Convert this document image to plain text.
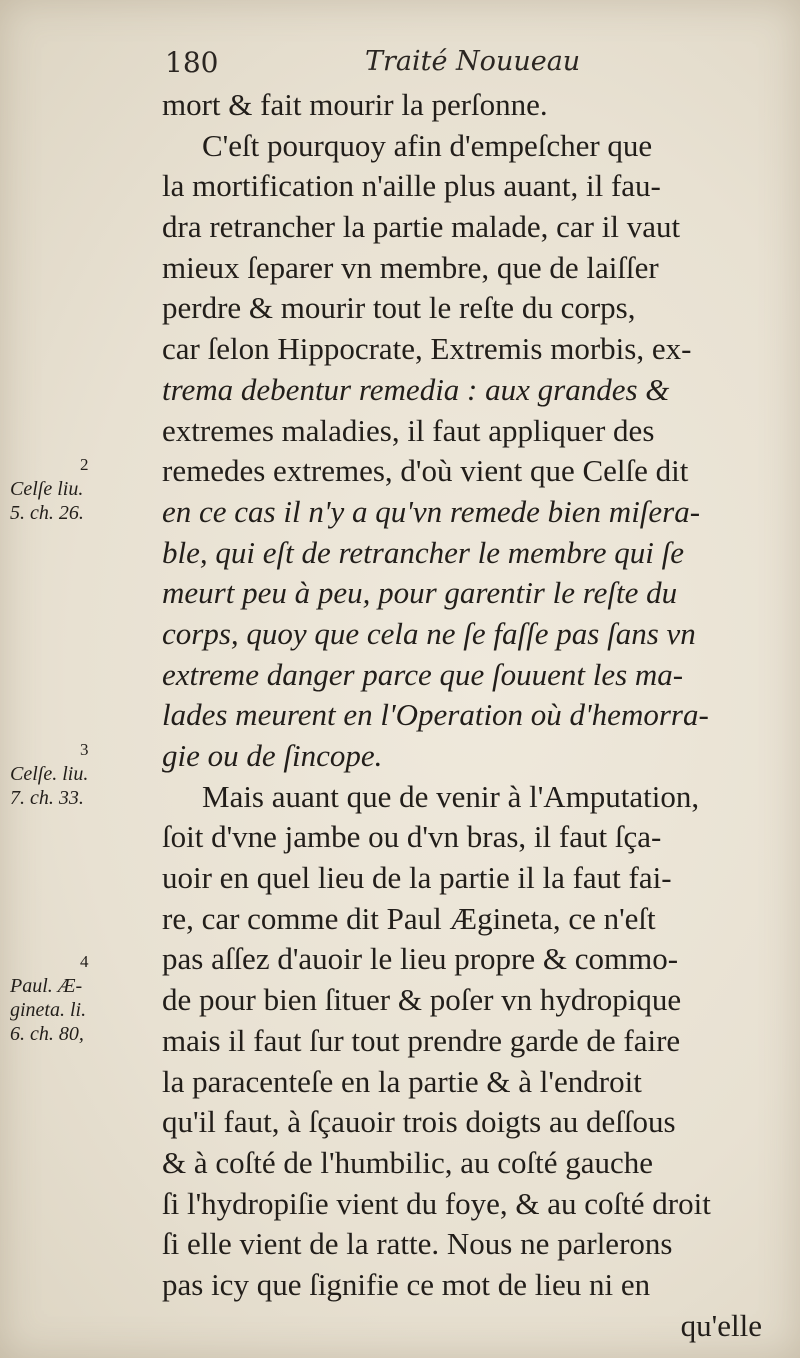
180	Traité Nouueau
mort & fait mourir la perſonne.
C'eſt pourquoy afin d'empeſcher que
la mortification n'aille plus auant, il fau-
dra retrancher la partie malade, car il vaut
mieux ſeparer vn membre, que de laiſſer
perdre & mourir tout le reſte du corps,
car ſelon Hippocrate, Extremis morbis, ex-
trema debentur remedia : aux grandes &
extremes maladies, il faut appliquer des
remedes extremes, d'où vient que Celſe dit
en ce cas il n'y a qu'vn remede bien miſera-
ble, qui eſt de retrancher le membre qui ſe
meurt peu à peu, pour garentir le reſte du
corps, quoy que cela ne ſe faſſe pas ſans vn
extreme danger parce que ſouuent les ma-
lades meurent en l'Operation où d'hemorra-
gie ou de ſincope.
Mais auant que de venir à l'Amputation,
ſoit d'vne jambe ou d'vn bras, il faut ſça-
uoir en quel lieu de la partie il la faut fai-
re, car comme dit Paul Ægineta, ce n'eſt
pas aſſez d'auoir le lieu propre & commo-
de pour bien ſituer & poſer vn hydropique
mais il faut ſur tout prendre garde de faire
la paracenteſe en la partie & à l'endroit
qu'il faut, à ſçauoir trois doigts au deſſous
& à coſté de l'humbilic, au coſté gauche
ſi l'hydropiſie vient du foye, & au coſté droit
ſi elle vient de la ratte. Nous ne parlerons
pas icy que ſignifie ce mot de lieu ni en
qu'elle
2
Celſe liu.
5. ch. 26.
3
Celſe. liu.
7. ch. 33.
4
Paul. Æ-
gineta. li.
6. ch. 80,
